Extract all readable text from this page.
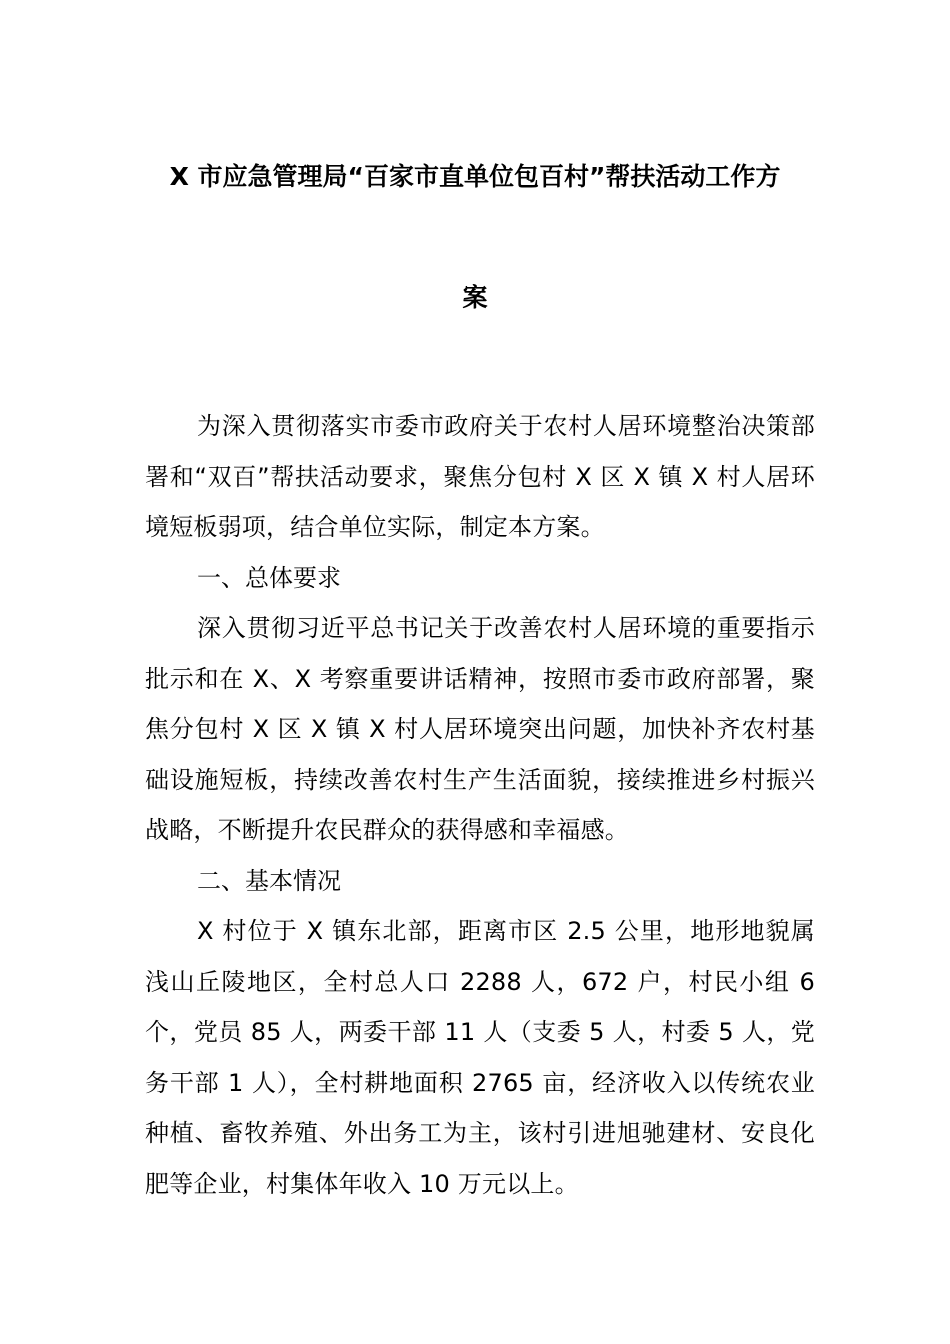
X 市应急管理局“百家市直单位包百村”帮扶活动工作方
案

为深入贯彻落实市委市政府关于农村人居环境整治决策部署和“双百”帮扶活动要求，聚焦分包村 X 区 X 镇 X 村人居环境短板弱项，结合单位实际，制定本方案。

一、总体要求

深入贯彻习近平总书记关于改善农村人居环境的重要指示批示和在 X、X 考察重要讲话精神，按照市委市政府部署，聚焦分包村 X 区 X 镇 X 村人居环境突出问题，加快补齐农村基础设施短板，持续改善农村生产生活面貌，接续推进乡村振兴战略，不断提升农民群众的获得感和幸福感。

二、基本情况

X 村位于 X 镇东北部，距离市区 2.5 公里，地形地貌属浅山丘陵地区，全村总人口 2288 人，672 户，村民小组 6 个，党员 85 人，两委干部 11 人（支委 5 人，村委 5 人，党务干部 1 人），全村耕地面积 2765 亩，经济收入以传统农业种植、畜牧养殖、外出务工为主，该村引进旭驰建材、安良化肥等企业，村集体年收入 10 万元以上。
